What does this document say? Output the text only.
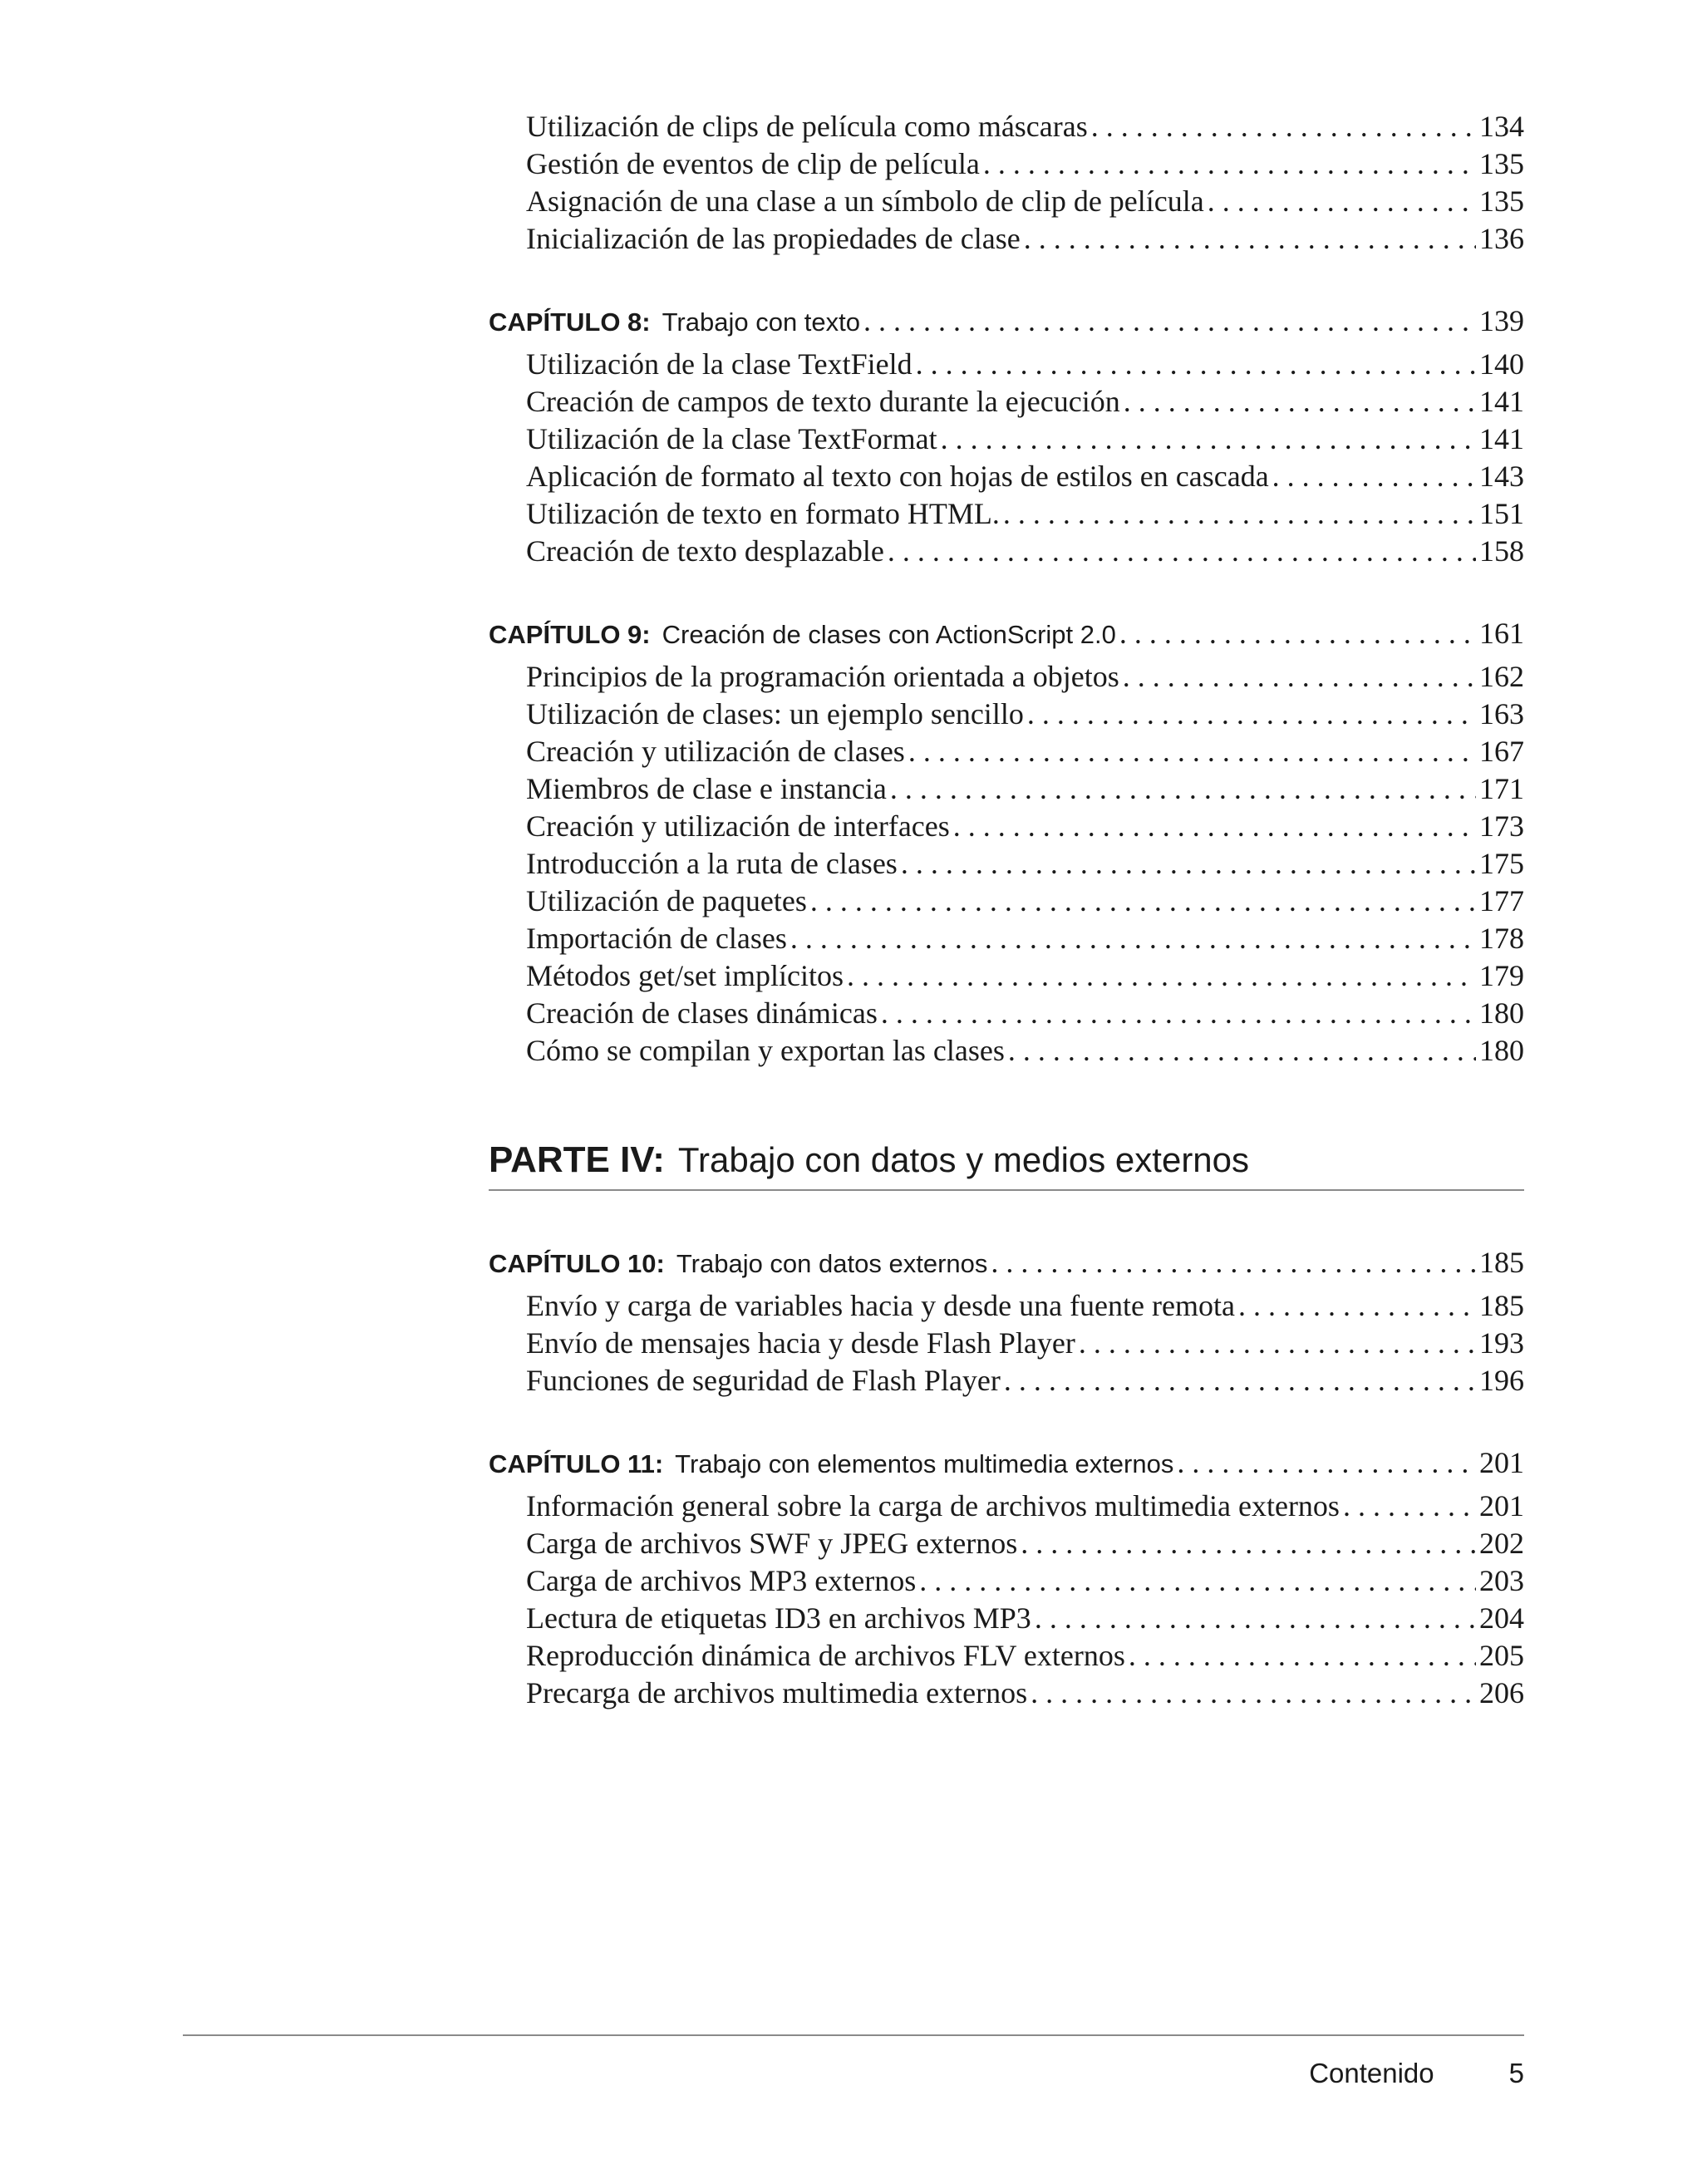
Utilización de clips de película como máscaras . . .	134
Gestión de eventos de clip de película . . .	135
Asignación de una clase a un símbolo de clip de película . . .	135
Inicialización de las propiedades de clase . . .	136
CAPÍTULO 8: Trabajo con texto . . .	139
Utilización de la clase TextField . . .	140
Creación de campos de texto durante la ejecución . . .	141
Utilización de la clase TextFormat . . .	141
Aplicación de formato al texto con hojas de estilos en cascada . . .	143
Utilización de texto en formato HTML. . . .	151
Creación de texto desplazable . . .	158
CAPÍTULO 9: Creación de clases con ActionScript 2.0 . . .	161
Principios de la programación orientada a objetos . . .	162
Utilización de clases: un ejemplo sencillo . . .	163
Creación y utilización de clases . . .	167
Miembros de clase e instancia . . .	171
Creación y utilización de interfaces . . .	173
Introducción a la ruta de clases . . .	175
Utilización de paquetes . . .	177
Importación de clases . . .	178
Métodos get/set implícitos . . .	179
Creación de clases dinámicas . . .	180
Cómo se compilan y exportan las clases . . .	180
PARTE IV: Trabajo con datos y medios externos
CAPÍTULO 10: Trabajo con datos externos . . .	185
Envío y carga de variables hacia y desde una fuente remota . . .	185
Envío de mensajes hacia y desde Flash Player . . .	193
Funciones de seguridad de Flash Player . . .	196
CAPÍTULO 11: Trabajo con elementos multimedia externos . . .	201
Información general sobre la carga de archivos multimedia externos . . .	201
Carga de archivos SWF y JPEG externos . . .	202
Carga de archivos MP3 externos . . .	203
Lectura de etiquetas ID3 en archivos MP3 . . .	204
Reproducción dinámica de archivos FLV externos . . .	205
Precarga de archivos multimedia externos . . .	206
Contenido	5
